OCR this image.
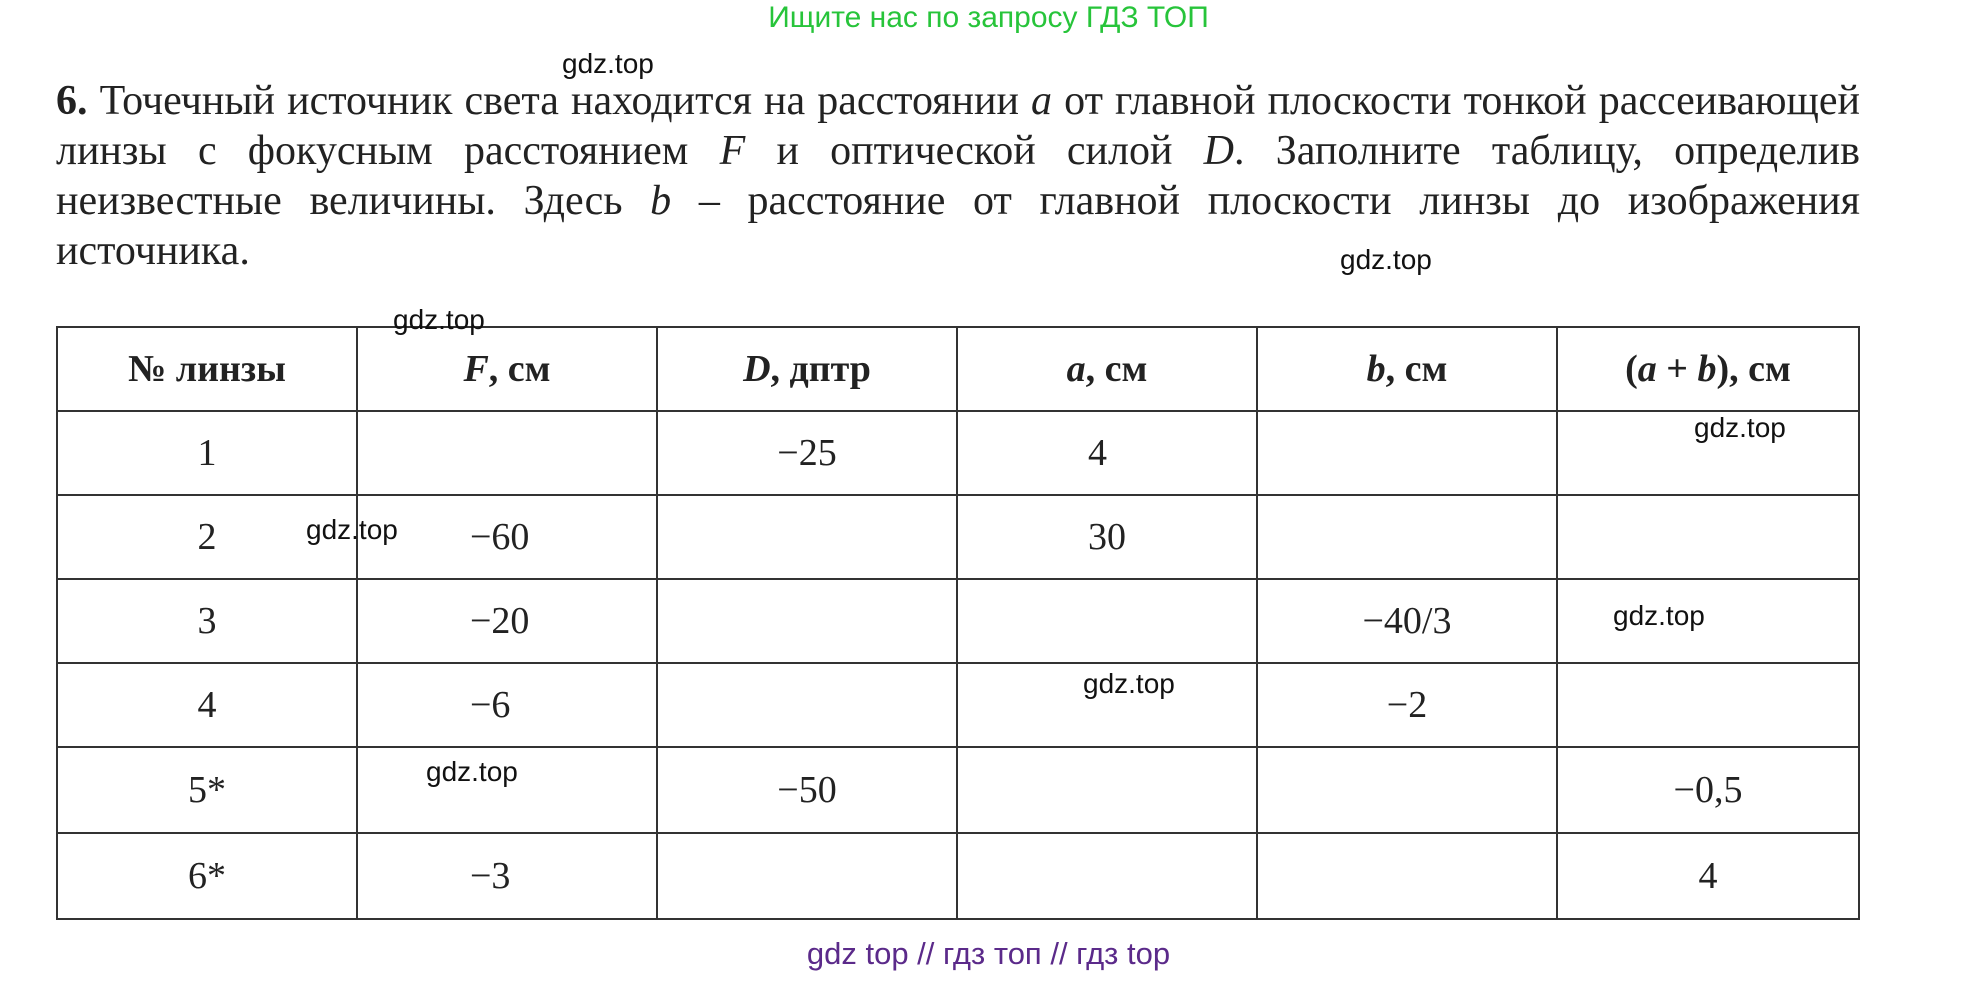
Ищите нас по запросу ГДЗ ТОП
6. Точечный источник света находится на расстоянии a от главной плоскости тонкой рассеивающей линзы с фокусным расстоянием F и оптической силой D. Заполните таблицу, определив неизвестные величины. Здесь b – расстояние от главной плоскости линзы до изображения источника.
№ линзы	F, см	D, дптр	a, см	b, см	(a + b), см
1		−25	4		
2	−60		30		
3	−20			−40/3	
4	−6			−2	
5*		−50			−0,5
6*	−3				4
gdz.top
gdz.top
gdz.top
gdz.top
gdz.top
gdz.top
gdz.top
gdz.top
gdz top // гдз топ // гдз top
